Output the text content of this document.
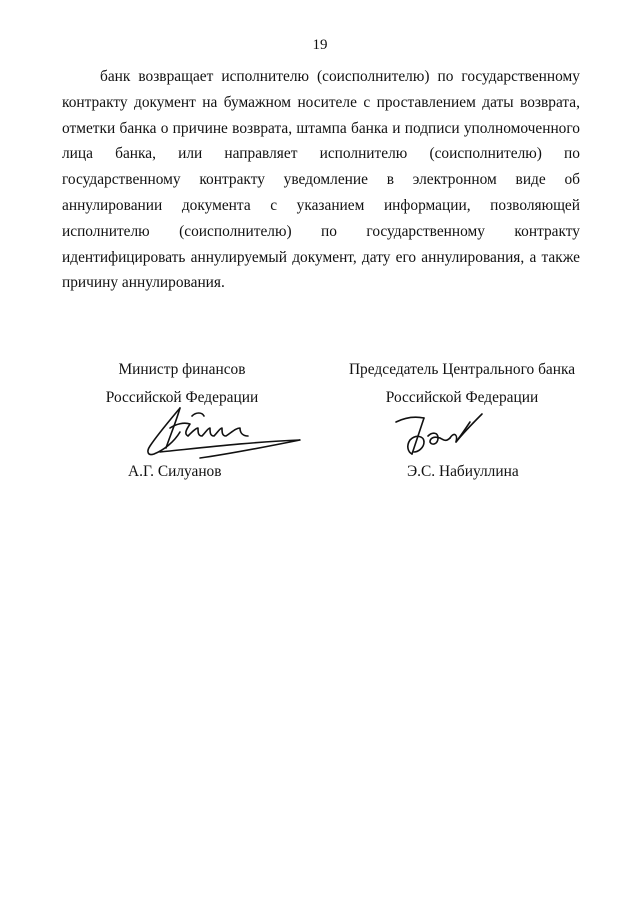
19

банк возвращает исполнителю (соисполнителю) по государственному контракту документ на бумажном носителе с проставлением даты возврата, отметки банка о причине возврата, штампа банка и подписи уполномоченного лица банка, или направляет исполнителю (соисполнителю) по государственному контракту уведомление в электронном виде об аннулировании документа с указанием информации, позволяющей исполнителю (соисполнителю) по государственному контракту идентифицировать аннулируемый документ, дату его аннулирования, а также причину аннулирования.

Министр финансов
Российской Федерации
Председатель Центрального банка
Российской Федерации
А.Г. Силуанов	Э.С. Набиуллина
